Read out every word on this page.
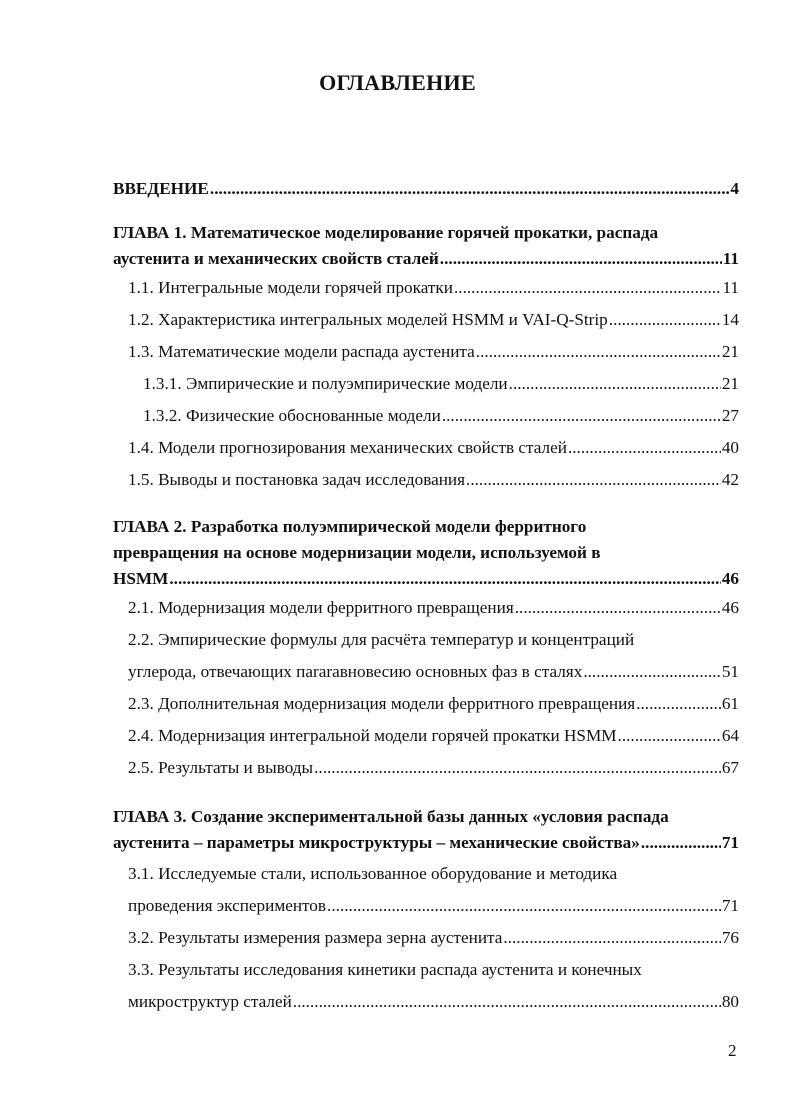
ОГЛАВЛЕНИЕ
ВВЕДЕНИЕ .....	4
ГЛАВА 1. Математическое моделирование горячей прокатки, распада
аустенита и механических свойств сталей .....	11
1.1. Интегральные модели горячей прокатки .....	11
1.2. Характеристика интегральных моделей HSMM и VAI-Q-Strip .....	14
1.3. Математические модели распада аустенита .....	21
1.3.1. Эмпирические и полуэмпирические модели .....	21
1.3.2. Физические обоснованные модели .....	27
1.4. Модели прогнозирования механических свойств сталей .....	40
1.5. Выводы и постановка задач исследования .....	42
ГЛАВА 2. Разработка полуэмпирической модели ферритного
превращения на основе модернизации модели, используемой в
HSMM .....	46
2.1. Модернизация модели ферритного превращения .....	46
2.2. Эмпирические формулы для расчёта температур и концентраций
углерода, отвечающих пararавновесию основных фаз в сталях .....	51
2.3. Дополнительная модернизация модели ферритного превращения .....	61
2.4. Модернизация интегральной модели горячей прокатки HSMM .....	64
2.5. Результаты и выводы .....	67
ГЛАВА 3. Создание экспериментальной базы данных «условия распада
аустенита – параметры микроструктуры – механические свойства» .....	71
3.1. Исследуемые стали, использованное оборудование и методика
проведения экспериментов .....	71
3.2. Результаты измерения размера зерна аустенита .....	76
3.3. Результаты исследования кинетики распада аустенита и конечных
микроструктур сталей .....	80
2
